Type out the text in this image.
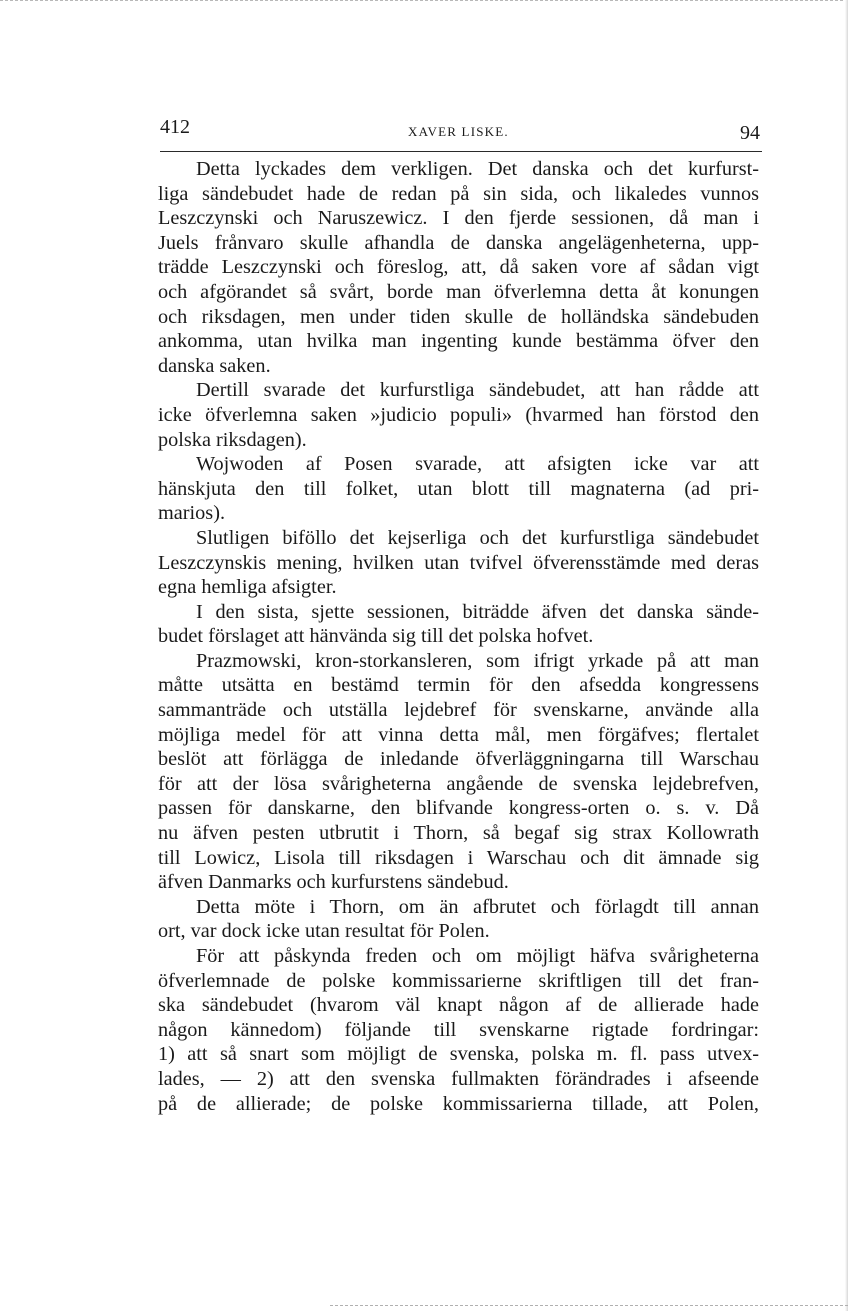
412	XAVER LISKE.	94
Detta lyckades dem verkligen. Det danska och det kurfurst-
liga sändebudet hade de redan på sin sida, och likaledes vunnos
Leszczynski och Naruszewicz. I den fjerde sessionen, då man i
Juels frånvaro skulle afhandla de danska angelägenheterna, upp-
trädde Leszczynski och föreslog, att, då saken vore af sådan vigt
och afgörandet så svårt, borde man öfverlemna detta åt konungen
och riksdagen, men under tiden skulle de holländska sändebuden
ankomma, utan hvilka man ingenting kunde bestämma öfver den
danska saken.
Dertill svarade det kurfurstliga sändebudet, att han rådde att
icke öfverlemna saken »judicio populi» (hvarmed han förstod den
polska riksdagen).
Wojwoden af Posen svarade, att afsigten icke var att
hänskjuta den till folket, utan blott till magnaterna (ad pri-
marios).
Slutligen biföllo det kejserliga och det kurfurstliga sändebudet
Leszczynskis mening, hvilken utan tvifvel öfverensstämde med deras
egna hemliga afsigter.
I den sista, sjette sessionen, biträdde äfven det danska sände-
budet förslaget att hänvända sig till det polska hofvet.
Prazmowski, kron-storkansleren, som ifrigt yrkade på att man
måtte utsätta en bestämd termin för den afsedda kongressens
sammanträde och utställa lejdebref för svenskarne, använde alla
möjliga medel för att vinna detta mål, men förgäfves; flertalet
beslöt att förlägga de inledande öfverläggningarna till Warschau
för att der lösa svårigheterna angående de svenska lejdebrefven,
passen för danskarne, den blifvande kongress-orten o. s. v. Då
nu äfven pesten utbrutit i Thorn, så begaf sig strax Kollowrath
till Lowicz, Lisola till riksdagen i Warschau och dit ämnade sig
äfven Danmarks och kurfurstens sändebud.
Detta möte i Thorn, om än afbrutet och förlagdt till annan
ort, var dock icke utan resultat för Polen.
För att påskynda freden och om möjligt häfva svårigheterna
öfverlemnade de polske kommissarierne skriftligen till det fran-
ska sändebudet (hvarom väl knapt någon af de allierade hade
någon kännedom) följande till svenskarne rigtade fordringar:
1) att så snart som möjligt de svenska, polska m. fl. pass utvex-
lades, — 2) att den svenska fullmakten förändrades i afseende
på de allierade; de polske kommissarierna tillade, att Polen,
